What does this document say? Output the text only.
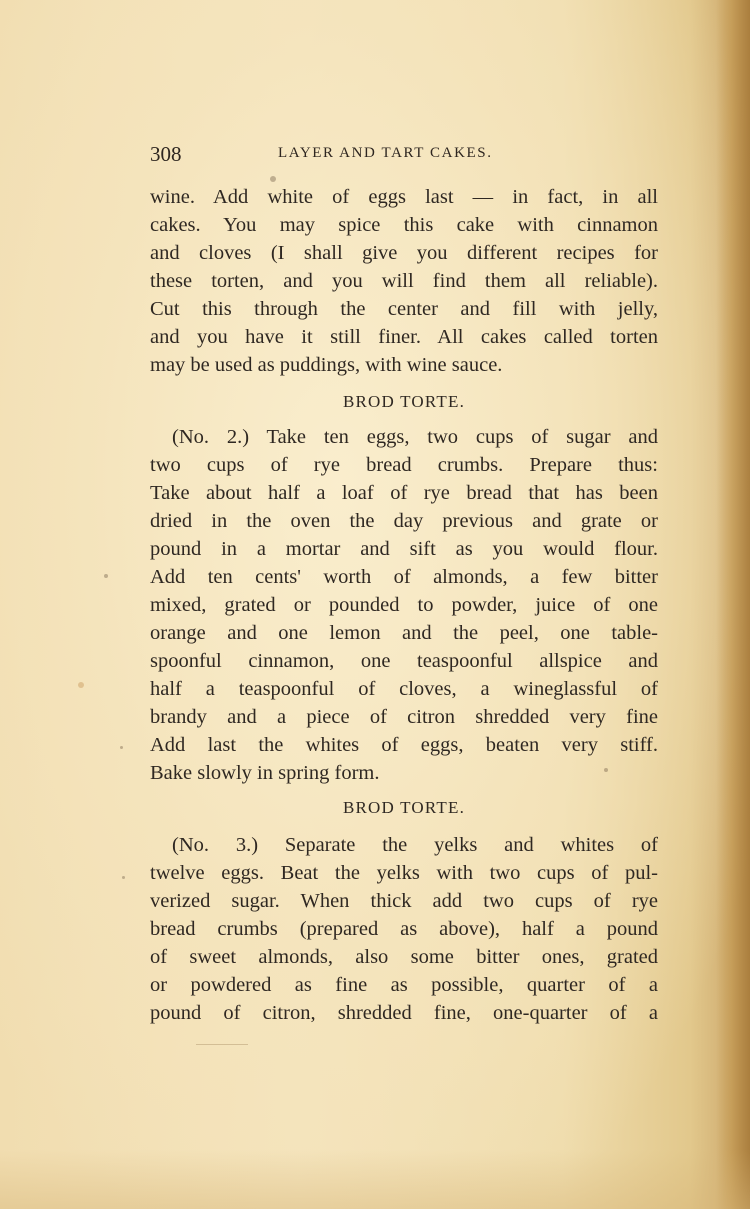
308	LAYER AND TART CAKES.
wine. Add white of eggs last — in fact, in all
cakes. You may spice this cake with cinnamon
and cloves (I shall give you different recipes for
these torten, and you will find them all reliable).
Cut this through the center and fill with jelly,
and you have it still finer. All cakes called torten
may be used as puddings, with wine sauce.
BROD TORTE.
(No. 2.) Take ten eggs, two cups of sugar and
two cups of rye bread crumbs. Prepare thus:
Take about half a loaf of rye bread that has been
dried in the oven the day previous and grate or
pound in a mortar and sift as you would flour.
Add ten cents' worth of almonds, a few bitter
mixed, grated or pounded to powder, juice of one
orange and one lemon and the peel, one table-
spoonful cinnamon, one teaspoonful allspice and
half a teaspoonful of cloves, a wineglassful of
brandy and a piece of citron shredded very fine
Add last the whites of eggs, beaten very stiff.
Bake slowly in spring form.
BROD TORTE.
(No. 3.) Separate the yelks and whites of
twelve eggs. Beat the yelks with two cups of pul-
verized sugar. When thick add two cups of rye
bread crumbs (prepared as above), half a pound
of sweet almonds, also some bitter ones, grated
or powdered as fine as possible, quarter of a
pound of citron, shredded fine, one-quarter of a
